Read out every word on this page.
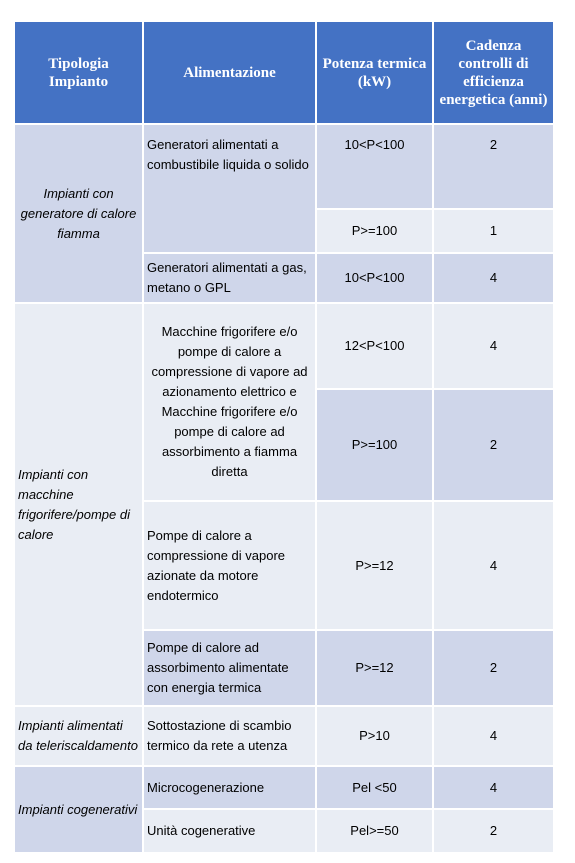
Tipologia Impianto	Alimentazione	Potenza termica (kW)	Cadenza controlli di efficienza energetica (anni)
Impianti con generatore di calore fiamma	Generatori alimentati a combustibile liquida o solido	10<P<100	2
		P>=100	1
	Generatori alimentati a gas, metano o GPL	10<P<100	4
Impianti con macchine frigorifere/pompe di calore	Macchine frigorifere e/o pompe di calore a compressione di vapore ad azionamento elettrico e Macchine frigorifere e/o pompe di calore ad assorbimento a fiamma diretta	12<P<100	4
		P>=100	2
	Pompe di calore a compressione di vapore azionate da motore endotermico	P>=12	4
	Pompe di calore ad assorbimento alimentate con energia termica	P>=12	2
Impianti alimentati da teleriscaldamento	Sottostazione di scambio termico da rete a utenza	P>10	4
Impianti cogenerativi	Microcogenerazione	Pel <50	4
	Unità cogenerative	Pel>=50	2
